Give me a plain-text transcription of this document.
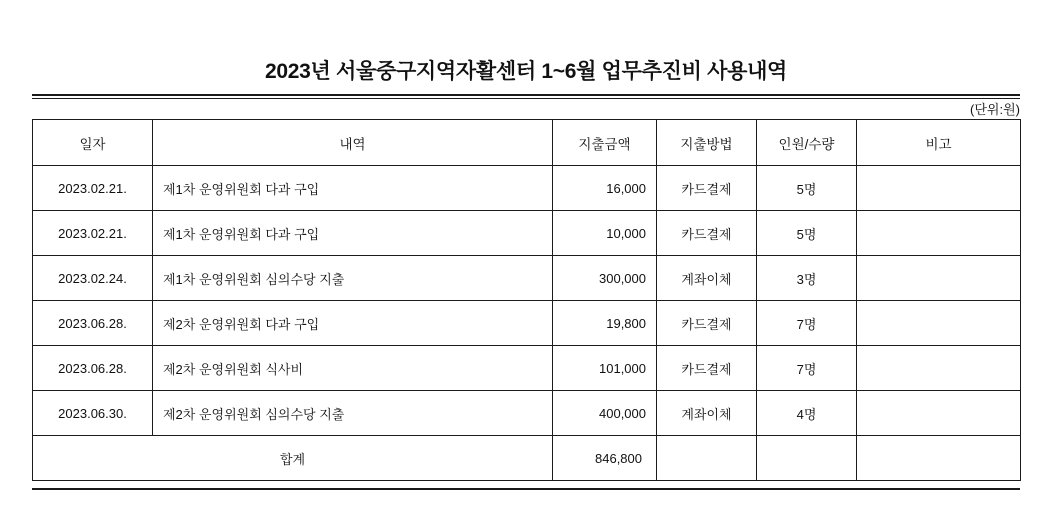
2023년 서울중구지역자활센터 1~6월 업무추진비 사용내역
(단위:원)
일자	내역	지출금액	지출방법	인원/수량	비고
2023.02.21.	제1차 운영위원회 다과 구입	16,000	카드결제	5명	
2023.02.21.	제1차 운영위원회 다과 구입	10,000	카드결제	5명	
2023.02.24.	제1차 운영위원회 심의수당 지출	300,000	계좌이체	3명	
2023.06.28.	제2차 운영위원회 다과 구입	19,800	카드결제	7명	
2023.06.28.	제2차 운영위원회 식사비	101,000	카드결제	7명	
2023.06.30.	제2차 운영위원회 심의수당 지출	400,000	계좌이체	4명	
합계		846,800			
